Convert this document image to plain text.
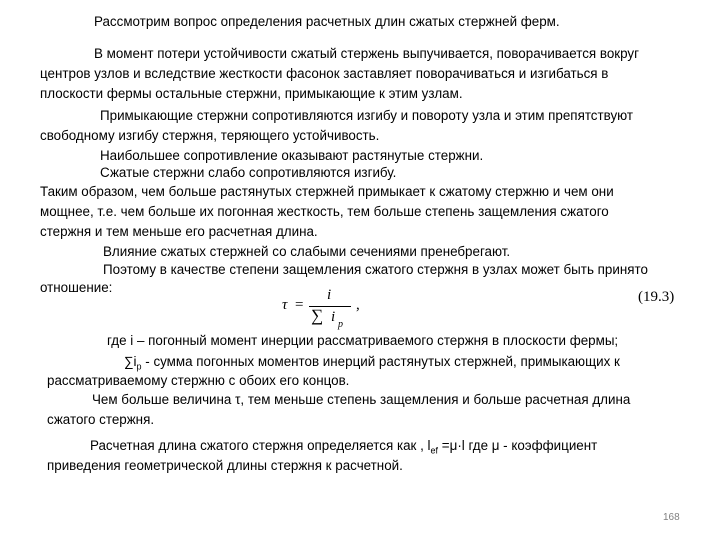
Рассмотрим вопрос определения расчетных длин сжатых стержней ферм.
В момент потери устойчивости сжатый стержень выпучивается, поворачивается вокруг
центров узлов и вследствие жесткости фасонок заставляет поворачиваться и изгибаться в
плоскости фермы остальные стержни, примыкающие к этим узлам.
Примыкающие стержни сопротивляются изгибу и повороту узла и этим препятствуют
свободному изгибу стержня, теряющего устойчивость.
Наибольшее сопротивление оказывают растянутые стержни.
Сжатые стержни слабо сопротивляются изгибу.
Таким образом, чем больше растянутых стержней примыкает к сжатому стержню и чем они
мощнее, т.е. чем больше их погонная жесткость, тем больше степень защемления сжатого
стержня и тем меньше его расчетная длина.
Влияние сжатых стержней со слабыми сечениями пренебрегают.
Поэтому в качестве степени защемления сжатого стержня в узлах может быть принято
отношение:
τ =
i
∑ i p
,	(19.3)
где i – погонный момент инерции рассматриваемого стержня в плоскости фермы;
$\sum i_p$ - сумма погонных моментов инерций растянутых стержней, примыкающих к
рассматриваемому стержню с обоих его концов.
Чем больше величина τ, тем меньше степень защемления и больше расчетная длина
сжатого стержня.
Расчетная длина сжатого стержня определяется как , $l_{ef} =\mu\cdot l$ где μ - коэффициент
приведения геометрической длины стержня к расчетной.
168
